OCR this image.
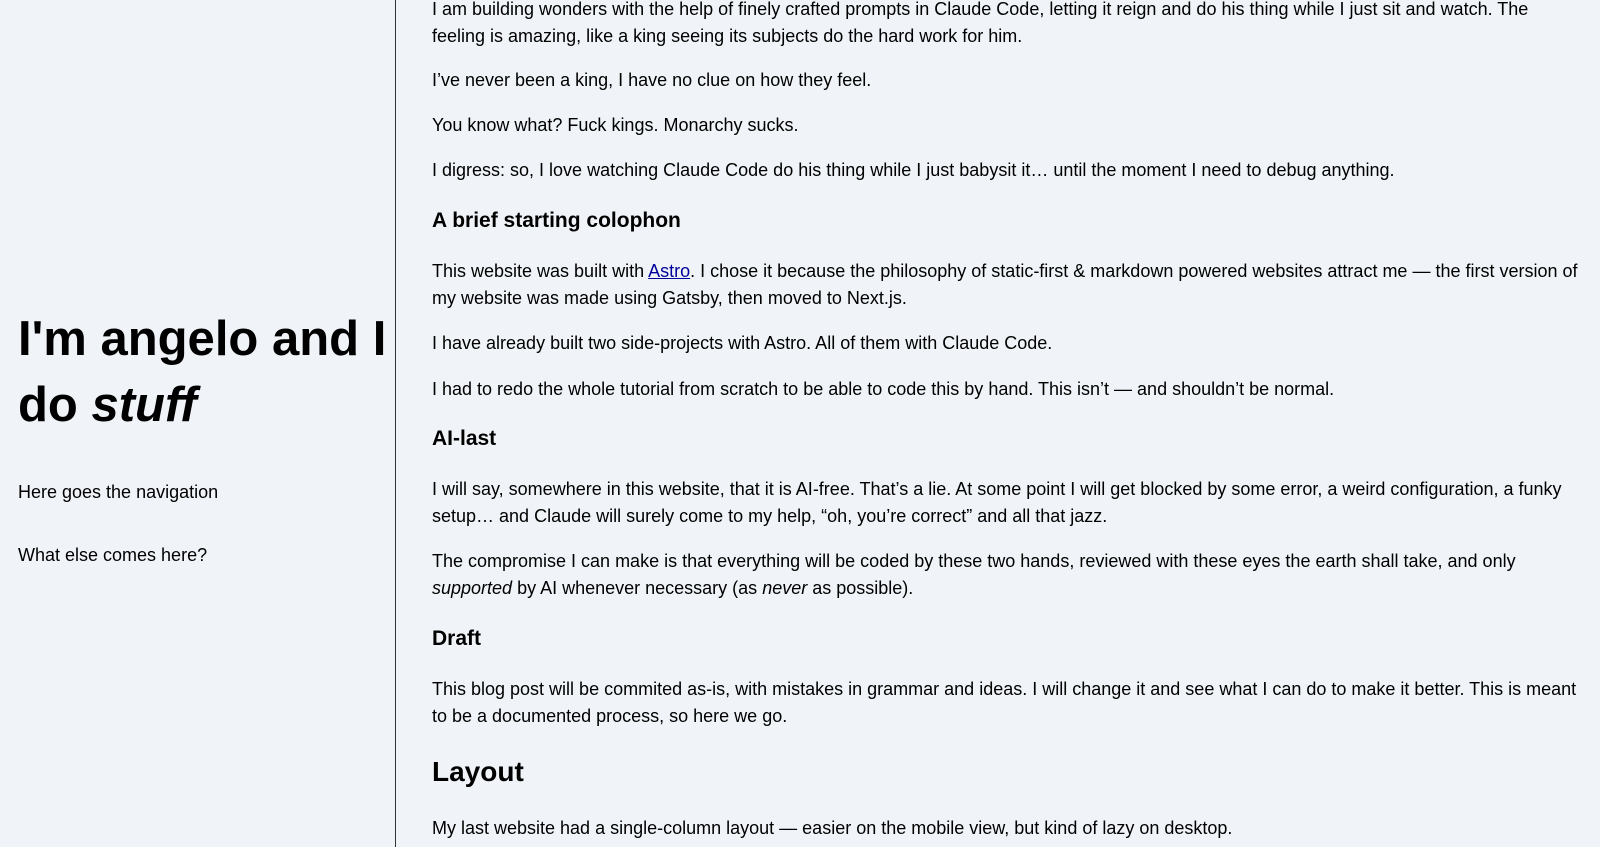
I'm angelo and I do stuff

Here goes the navigation

What else comes here?

I am building wonders with the help of finely crafted prompts in Claude Code, letting it reign and do his thing while I just sit and watch. The feeling is amazing, like a king seeing its subjects do the hard work for him.

I’ve never been a king, I have no clue on how they feel.

You know what? Fuck kings. Monarchy sucks.

I digress: so, I love watching Claude Code do his thing while I just babysit it… until the moment I need to debug anything.

A brief starting colophon

This website was built with Astro. I chose it because the philosophy of static-first & markdown powered websites attract me — the first version of my website was made using Gatsby, then moved to Next.js.

I have already built two side-projects with Astro. All of them with Claude Code.

I had to redo the whole tutorial from scratch to be able to code this by hand. This isn’t — and shouldn’t be normal.

AI-last

I will say, somewhere in this website, that it is AI-free. That’s a lie. At some point I will get blocked by some error, a weird configuration, a funky setup… and Claude will surely come to my help, “oh, you’re correct” and all that jazz.

The compromise I can make is that everything will be coded by these two hands, reviewed with these eyes the earth shall take, and only supported by AI whenever necessary (as never as possible).

Draft

This blog post will be commited as-is, with mistakes in grammar and ideas. I will change it and see what I can do to make it better. This is meant to be a documented process, so here we go.

Layout

My last website had a single-column layout — easier on the mobile view, but kind of lazy on desktop.
